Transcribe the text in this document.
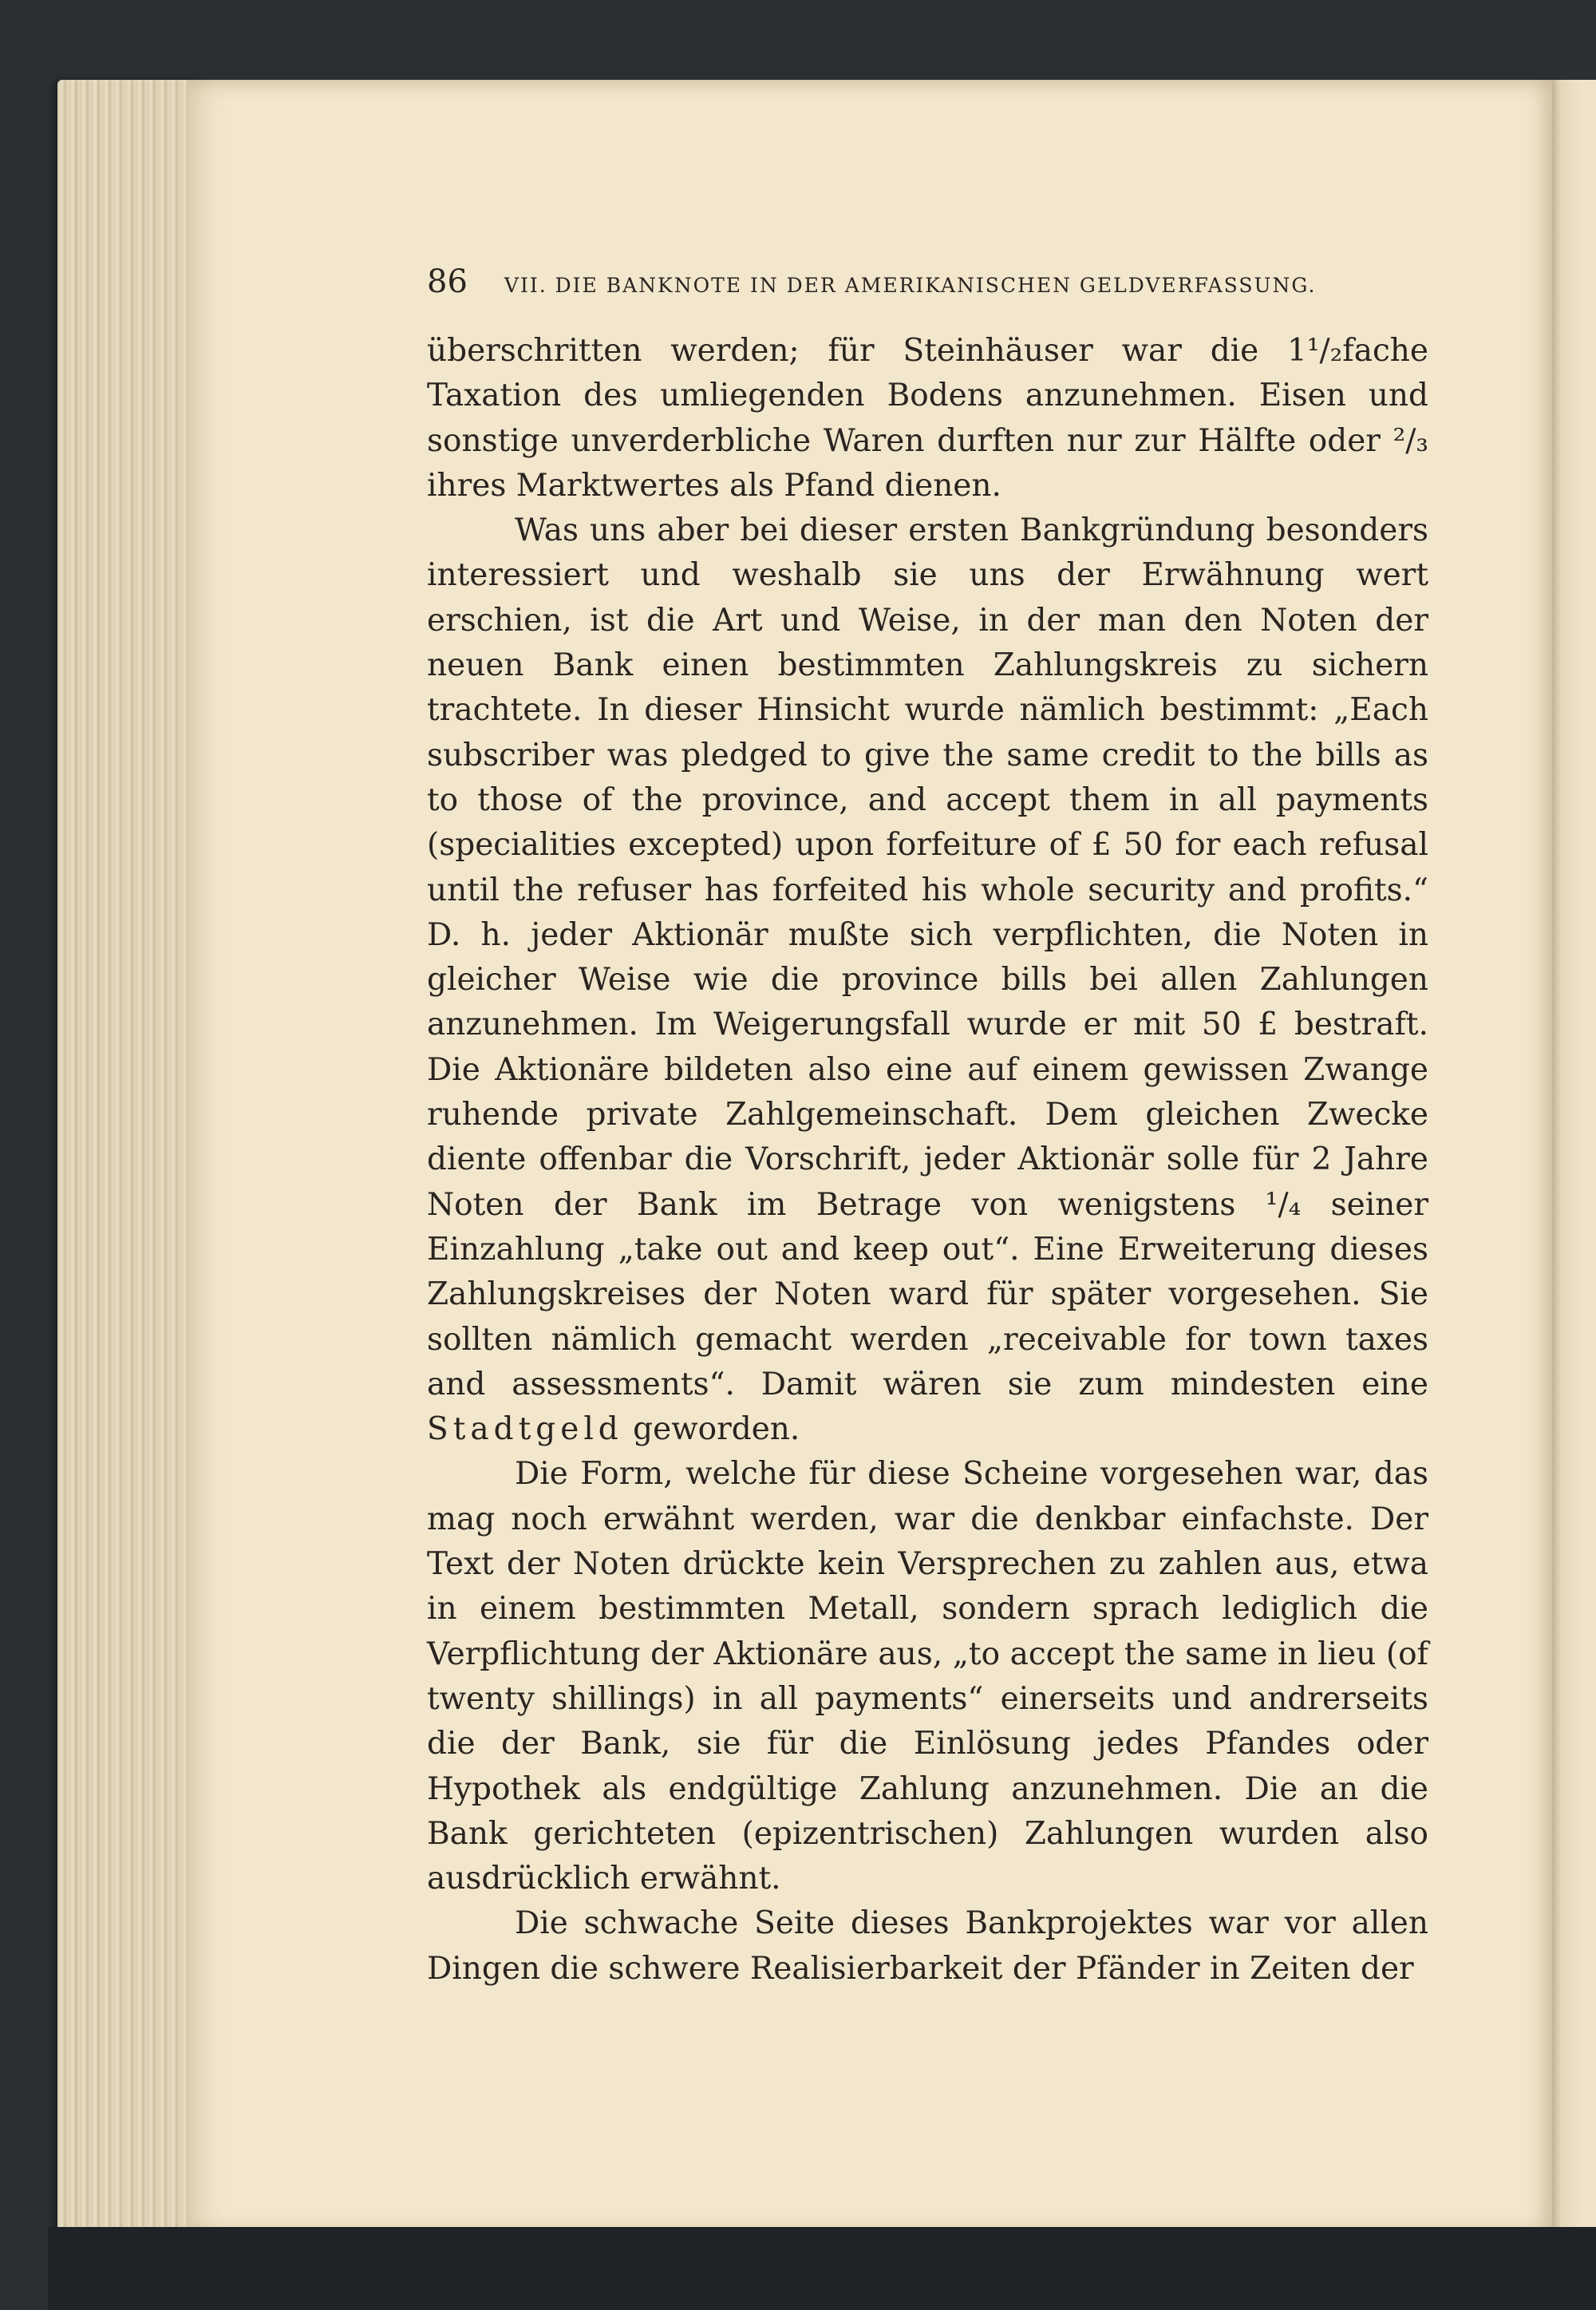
86 VII. DIE BANKNOTE IN DER AMERIKANISCHEN GELDVERFASSUNG.

überschritten werden; für Steinhäuser war die 1¹/₂fache Taxation des umliegenden Bodens anzunehmen. Eisen und sonstige unverderbliche Waren durften nur zur Hälfte oder ²/₃ ihres Marktwertes als Pfand dienen.

Was uns aber bei dieser ersten Bankgründung besonders interessiert und weshalb sie uns der Erwähnung wert erschien, ist die Art und Weise, in der man den Noten der neuen Bank einen bestimmten Zahlungskreis zu sichern trachtete. In dieser Hinsicht wurde nämlich bestimmt: „Each subscriber was pledged to give the same credit to the bills as to those of the province, and accept them in all payments (specialities excepted) upon forfeiture of £ 50 for each refusal until the refuser has forfeited his whole security and profits.“ D. h. jeder Aktionär mußte sich verpflichten, die Noten in gleicher Weise wie die province bills bei allen Zahlungen anzunehmen. Im Weigerungsfall wurde er mit 50 £ bestraft. Die Aktionäre bildeten also eine auf einem gewissen Zwange ruhende private Zahlgemeinschaft. Dem gleichen Zwecke diente offenbar die Vorschrift, jeder Aktionär solle für 2 Jahre Noten der Bank im Betrage von wenigstens ¹/₄ seiner Einzahlung „take out and keep out“. Eine Erweiterung dieses Zahlungskreises der Noten ward für später vorgesehen. Sie sollten nämlich gemacht werden „receivable for town taxes and assessments“. Damit wären sie zum mindesten eine Stadtgeld geworden.

Die Form, welche für diese Scheine vorgesehen war, das mag noch erwähnt werden, war die denkbar einfachste. Der Text der Noten drückte kein Versprechen zu zahlen aus, etwa in einem bestimmten Metall, sondern sprach lediglich die Verpflichtung der Aktionäre aus, „to accept the same in lieu (of twenty shillings) in all payments“ einerseits und andrerseits die der Bank, sie für die Einlösung jedes Pfandes oder Hypothek als endgültige Zahlung anzunehmen. Die an die Bank gerichteten (epizentrischen) Zahlungen wurden also ausdrücklich erwähnt.

Die schwache Seite dieses Bankprojektes war vor allen Dingen die schwere Realisierbarkeit der Pfänder in Zeiten der
